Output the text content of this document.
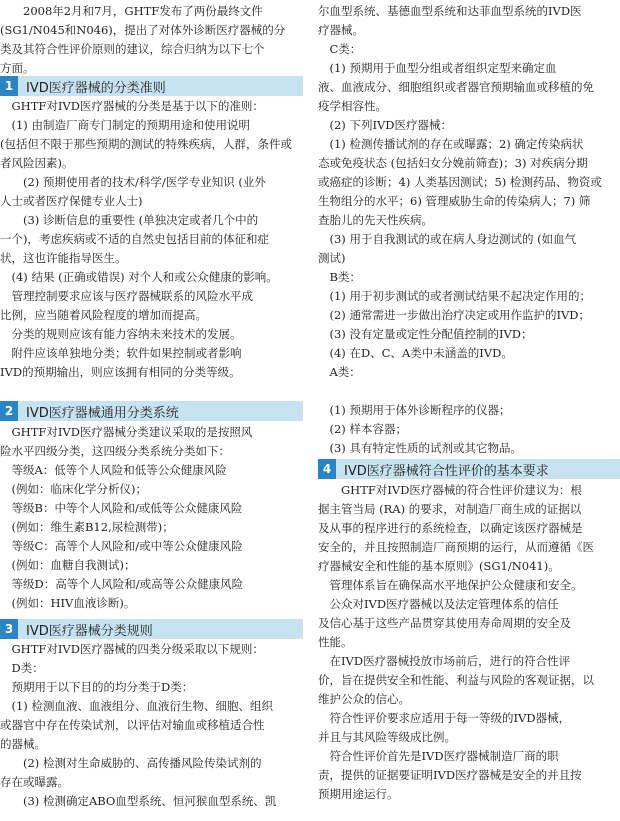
　　2008年2月和7月，GHTF发布了两份最终文件

(SG1/N045和N046)，提出了对体外诊断医疗器械的分

类及其符合性评价原则的建议，综合归纳为以下七个

方面。

1 IVD医疗器械的分类准则

　GHTF对IVD医疗器械的分类是基于以下的准则：

　(1) 由制造厂商专门制定的预期用途和使用说明

(包括但不限于那些预期的测试的特殊疾病，人群，条件或

者风险因素)。

　　(2) 预期使用者的技术/科学/医学专业知识 (业外

人士或者医疗保健专业人士)

　　(3) 诊断信息的重要性 (单独决定或者几个中的

一个)，考虑疾病或不适的自然史包括目前的体征和症

状，这也许能指导医生。

　(4) 结果 (正确或错误) 对个人和或公众健康的影响。

　管理控制要求应该与医疗器械联系的风险水平成

比例，应当随着风险程度的增加而提高。

　分类的规则应该有能力容纳未来技术的发展。

　附件应该单独地分类；软件如果控制或者影响

IVD的预期输出，则应该拥有相同的分类等级。

2 IVD医疗器械通用分类系统

　GHTF对IVD医疗器械分类建议采取的是按照风

险水平四级分类，这四级分类系统分类如下：

　等级A：低等个人风险和低等公众健康风险

　(例如：临床化学分析仪)；

　等级B：中等个人风险和/或低等公众健康风险

　(例如：维生素B12,尿检测带)；

　等级C：高等个人风险和/或中等公众健康风险

　(例如：血糖自我测试)；

　等级D：高等个人风险和/或高等公众健康风险

　(例如：HIV血液诊断)。

3 IVD医疗器械分类规则

　GHTF对IVD医疗器械的四类分级采取以下规则：

　D类：

　预期用于以下目的的均分类于D类：

　(1) 检测血液、血液组分、血液衍生物、细胞、组织

或器官中存在传染试剂，以评估对输血或移植适合性

的器械。

　　(2) 检测对生命威胁的、高传播风险传染试剂的

存在或曝露。

　　(3) 检测确定ABO血型系统、恒河猴血型系统、凯

尔血型系统、基德血型系统和达菲血型系统的IVD医

疗器械。

　C类：

　(1) 预期用于血型分组或者组织定型来确定血

液、血液成分、细胞组织或者器官预期输血或移植的免

疫学相容性。

　(2) 下列IVD医疗器械：

　(1) 检测传播试剂的存在或曝露；2) 确定传染病状

态或免疫状态 (包括妇女分娩前筛查)；3) 对疾病分期

或癌症的诊断；4) 人类基因测试；5) 检测药品、物资或

生物组分的水平；6) 管理威胁生命的传染病人；7) 筛

查胎儿的先天性疾病。

　(3) 用于自我测试的或在病人身边测试的 (如血气

测试)

　B类：

　(1) 用于初步测试的或者测试结果不起决定作用的；

　(2) 通常需进一步做出治疗决定或用作监护的IVD；

　(3) 没有定量或定性分配值控制的IVD；

　(4) 在D、C、A类中未涵盖的IVD。

　A类：

　(1) 预期用于体外诊断程序的仪器；

　(2) 样本容器；

　(3) 具有特定性质的试剂或其它物品。

4 IVD医疗器械符合性评价的基本要求

　　GHTF对IVD医疗器械的符合性评价建议为：根

据主管当局 (RA) 的要求，对制造厂商生成的证据以

及从事的程序进行的系统检查，以确定该医疗器械是

安全的，并且按照制造厂商预期的运行，从而遵循《医

疗器械安全和性能的基本原则》(SG1/N041)。

　管理体系旨在确保高水平地保护公众健康和安全。

　公众对IVD医疗器械以及法定管理体系的信任

及信心基于这些产品贯穿其使用寿命周期的安全及

性能。

　在IVD医疗器械投放市场前后，进行的符合性评

价，旨在提供安全和性能、利益与风险的客观证据，以

维护公众的信心。

　符合性评价要求应适用于每一等级的IVD器械，

并且与其风险等级成比例。

　符合性评价首先是IVD医疗器械制造厂商的职

责，提供的证据要证明IVD医疗器械是安全的并且按

预期用途运行。
